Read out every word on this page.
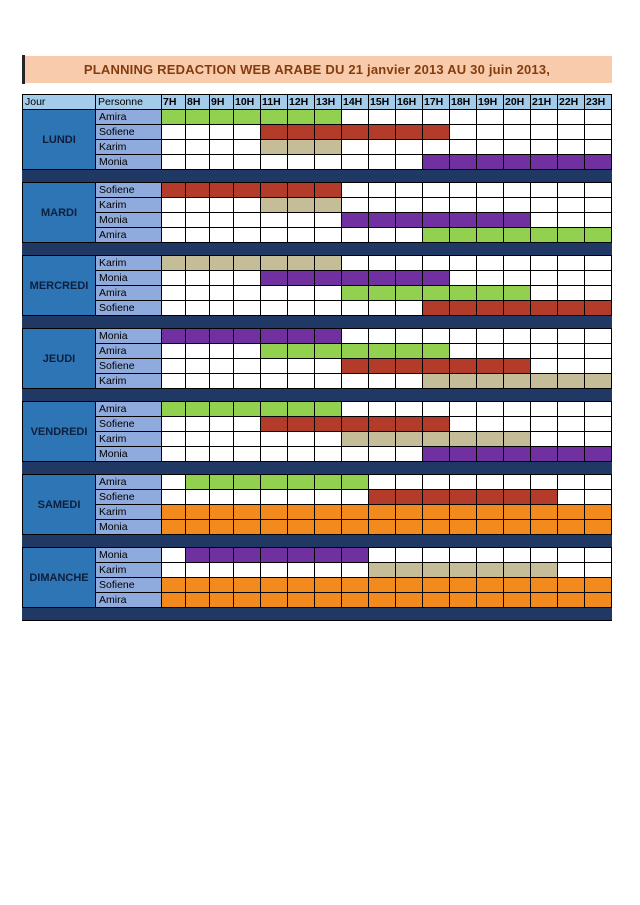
PLANNING REDACTION WEB ARABE DU 21 janvier 2013 AU 30 juin 2013,
Jour	Personne	7H	8H	9H	10H	11H	12H	13H	14H	15H	16H	17H	18H	19H	20H	21H	22H	23H
LUNDI	Amira																	
	Sofiene																	
	Karim																	
	Monia																	

MARDI	Sofiene																	
	Karim																	
	Monia																	
	Amira																	

MERCREDI	Karim																	
	Monia																	
	Amira																	
	Sofiene																	

JEUDI	Monia																	
	Amira																	
	Sofiene																	
	Karim																	

VENDREDI	Amira																	
	Sofiene																	
	Karim																	
	Monia																	

SAMEDI	Amira																	
	Sofiene																	
	Karim																	
	Monia																	

DIMANCHE	Monia																	
	Karim																	
	Sofiene																	
	Amira																	
